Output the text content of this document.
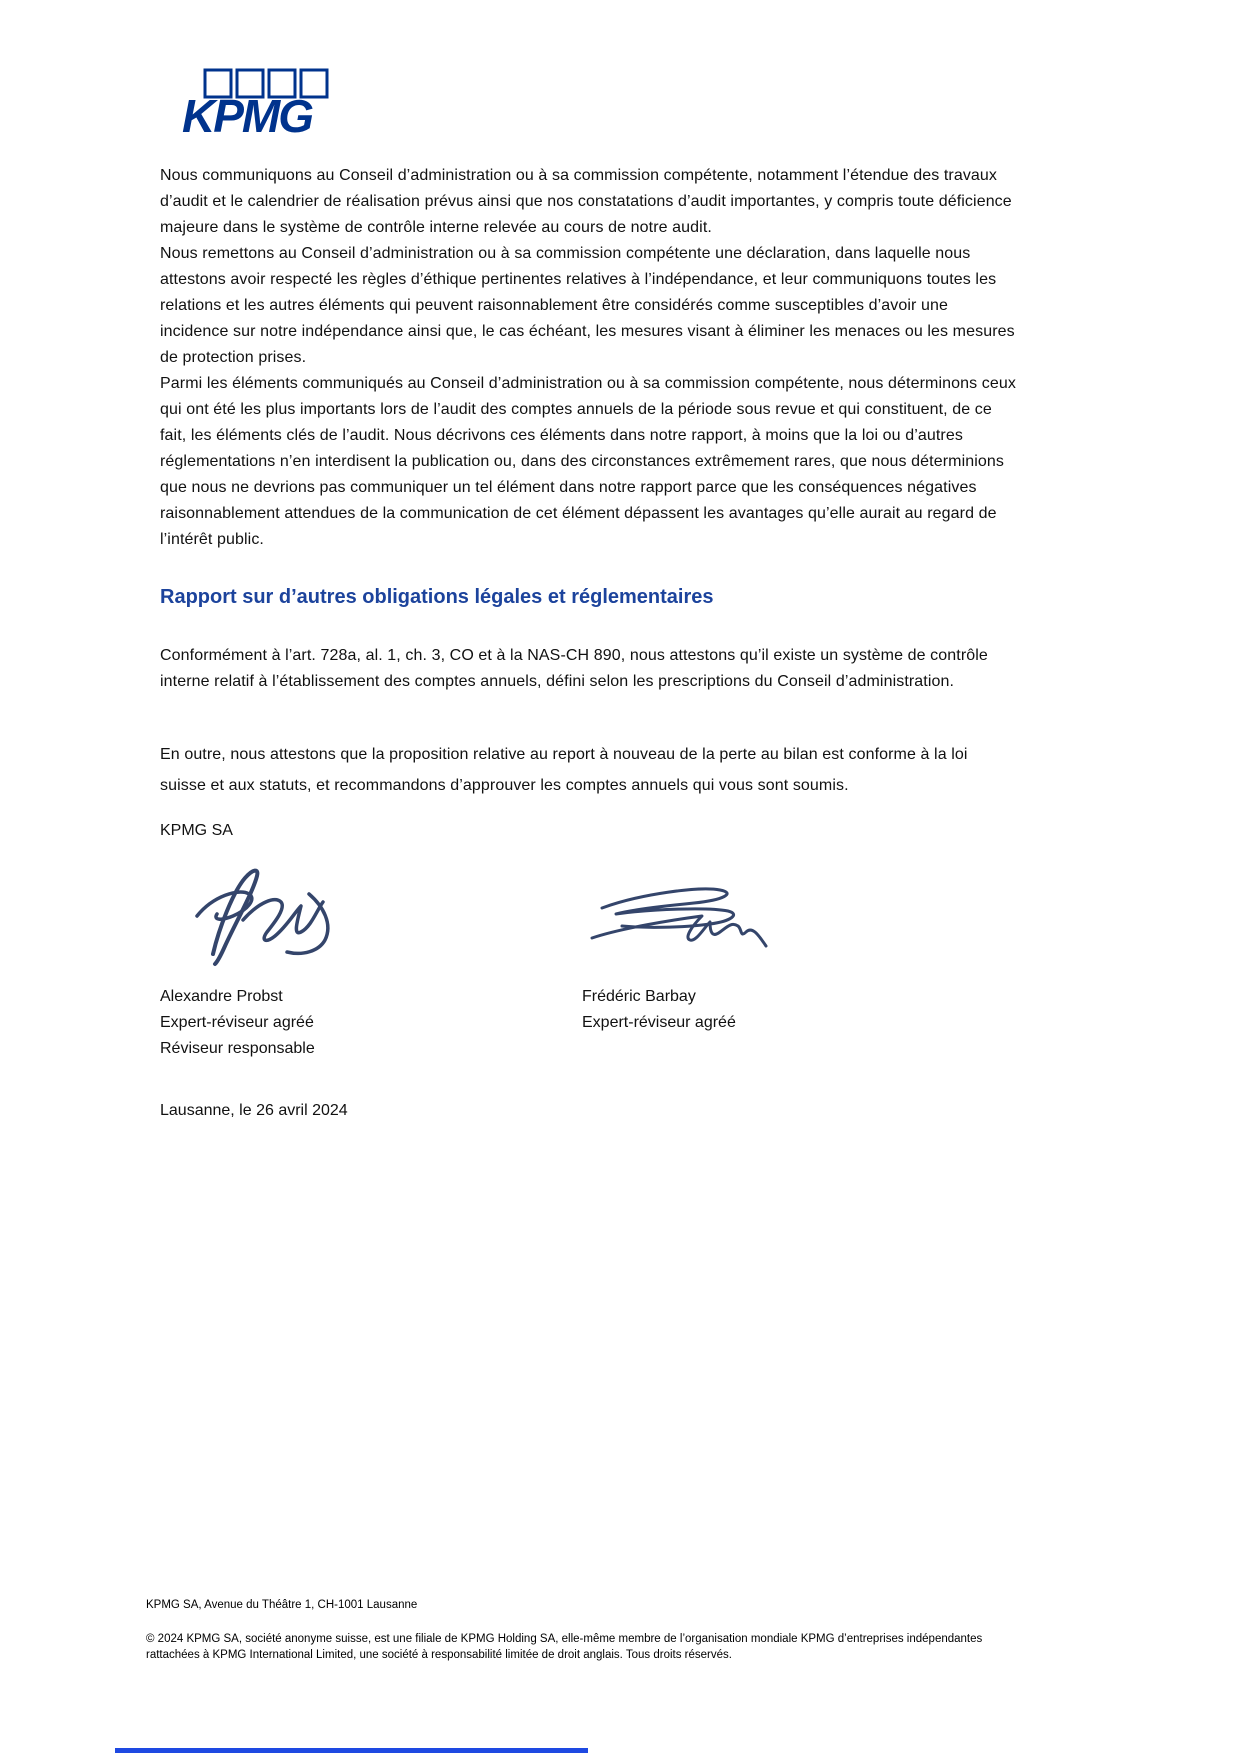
KPMG
Nous communiquons au Conseil d’administration ou à sa commission compétente, notamment l’étendue des travaux d’audit et le calendrier de réalisation prévus ainsi que nos constatations d’audit importantes, y compris toute déficience majeure dans le système de contrôle interne relevée au cours de notre audit.
Nous remettons au Conseil d’administration ou à sa commission compétente une déclaration, dans laquelle nous attestons avoir respecté les règles d’éthique pertinentes relatives à l’indépendance, et leur communiquons toutes les relations et les autres éléments qui peuvent raisonnablement être considérés comme susceptibles d’avoir une incidence sur notre indépendance ainsi que, le cas échéant, les mesures visant à éliminer les menaces ou les mesures de protection prises.
Parmi les éléments communiqués au Conseil d’administration ou à sa commission compétente, nous déterminons ceux qui ont été les plus importants lors de l’audit des comptes annuels de la période sous revue et qui constituent, de ce fait, les éléments clés de l’audit. Nous décrivons ces éléments dans notre rapport, à moins que la loi ou d’autres réglementations n’en interdisent la publication ou, dans des circonstances extrêmement rares, que nous déterminions que nous ne devrions pas communiquer un tel élément dans notre rapport parce que les conséquences négatives raisonnablement attendues de la communication de cet élément dépassent les avantages qu’elle aurait au regard de l’intérêt public.
Rapport sur d’autres obligations légales et réglementaires
Conformément à l’art. 728a, al. 1, ch. 3, CO et à la NAS-CH 890, nous attestons qu’il existe un système de contrôle interne relatif à l’établissement des comptes annuels, défini selon les prescriptions du Conseil d’administration.
En outre, nous attestons que la proposition relative au report à nouveau de la perte au bilan est conforme à la loi suisse et aux statuts, et recommandons d’approuver les comptes annuels qui vous sont soumis.
KPMG SA
Alexandre Probst
Expert-réviseur agréé
Réviseur responsable
Frédéric Barbay
Expert-réviseur agréé
Lausanne, le 26 avril 2024
KPMG SA, Avenue du Théâtre 1, CH-1001 Lausanne
© 2024 KPMG SA, société anonyme suisse, est une filiale de KPMG Holding SA, elle-même membre de l’organisation mondiale KPMG d’entreprises indépendantes
rattachées à KPMG International Limited, une société à responsabilité limitée de droit anglais. Tous droits réservés.
